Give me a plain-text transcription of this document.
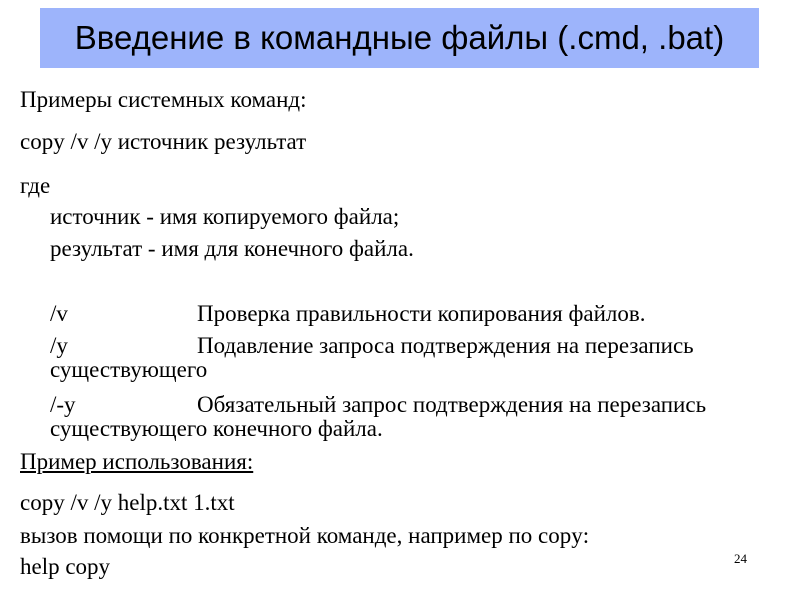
Введение в командные файлы (.cmd, .bat)
Примеры системных команд:
copy /v /y источник результат
где
источник - имя копируемого файла;
результат - имя для конечного файла.
/v	Проверка правильности копирования файлов.
/y	Подавление запроса подтверждения на перезапись
существующего
/-y	Обязательный запрос подтверждения на перезапись
существующего конечного файла.
Пример использования:
copy /v /y help.txt 1.txt
вызов помощи по конкретной команде, например по copy:
help copy	24
